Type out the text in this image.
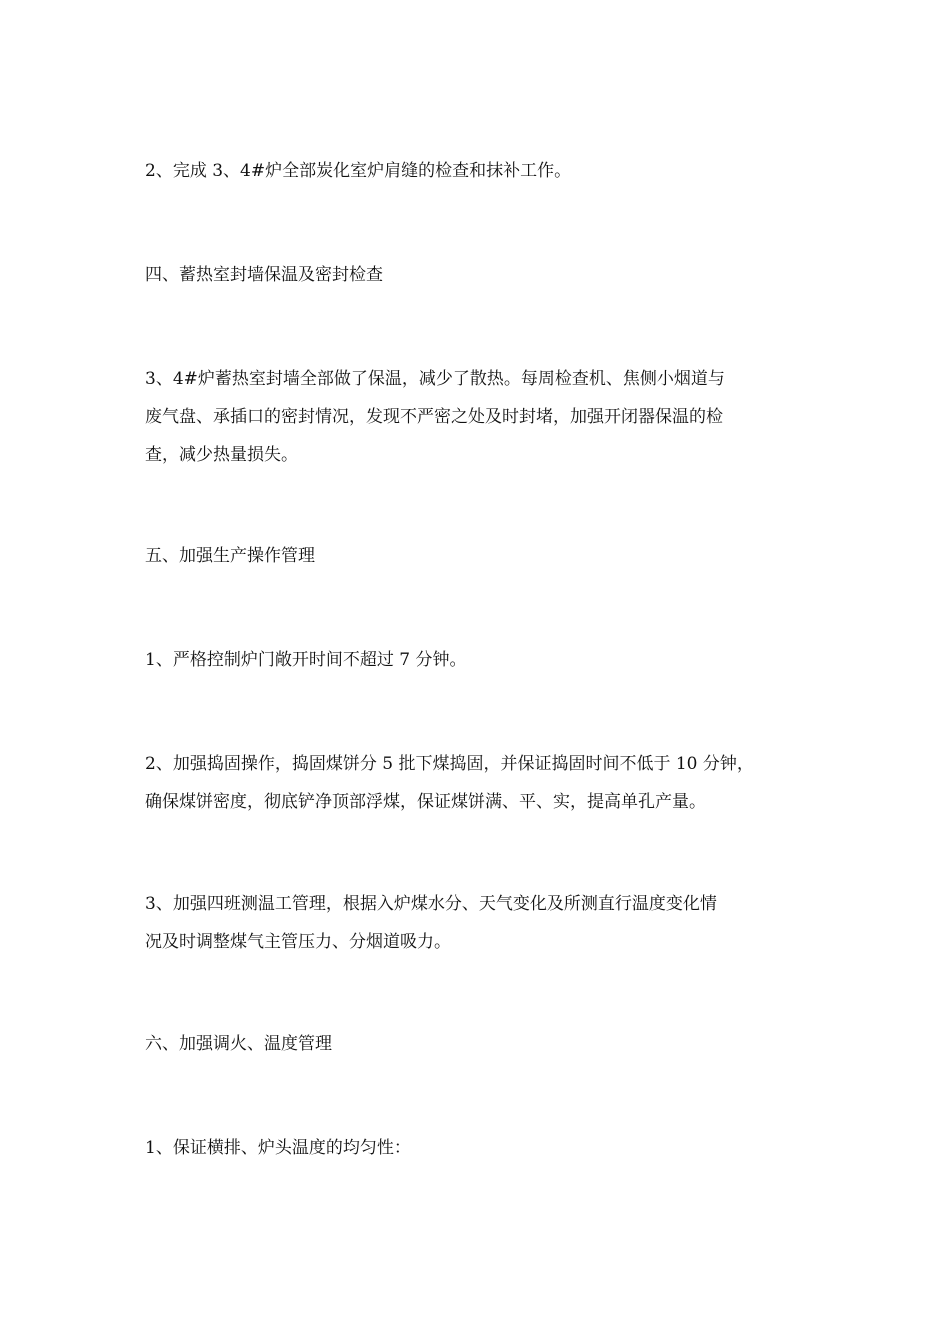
2、完成 3、4#炉全部炭化室炉肩缝的检查和抹补工作。

四、蓄热室封墙保温及密封检查

3、4#炉蓄热室封墙全部做了保温，减少了散热。每周检查机、焦侧小烟道与
废气盘、承插口的密封情况，发现不严密之处及时封堵，加强开闭器保温的检
查，减少热量损失。

五、加强生产操作管理

1、严格控制炉门敞开时间不超过 7 分钟。

2、加强捣固操作，捣固煤饼分 5 批下煤捣固，并保证捣固时间不低于 10 分钟，
确保煤饼密度，彻底铲净顶部浮煤，保证煤饼满、平、实，提高单孔产量。

3、加强四班测温工管理，根据入炉煤水分、天气变化及所测直行温度变化情
况及时调整煤气主管压力、分烟道吸力。

六、加强调火、温度管理

1、保证横排、炉头温度的均匀性：
